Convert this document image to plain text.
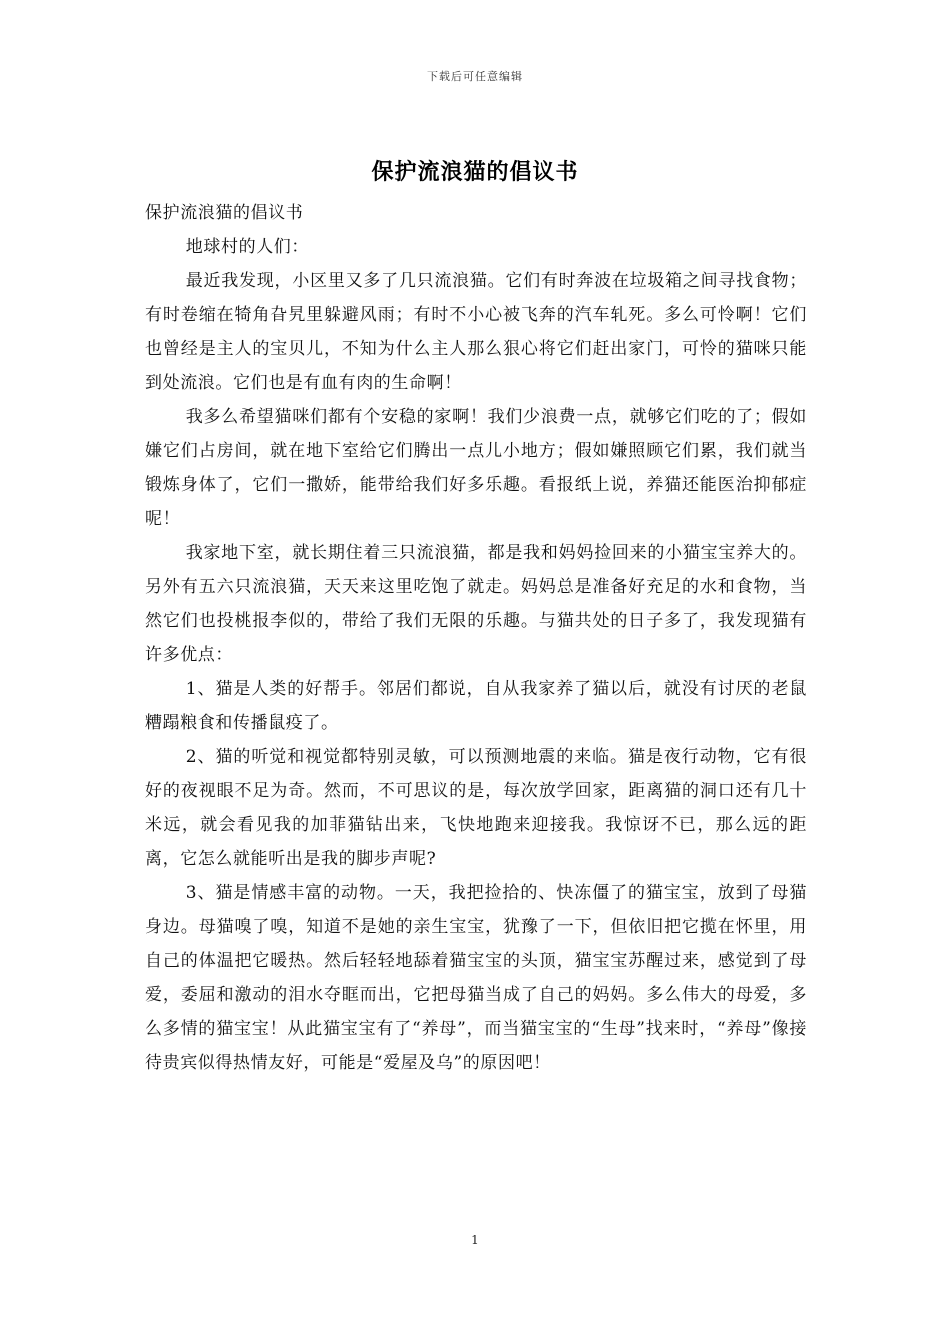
下载后可任意编辑
保护流浪猫的倡议书

保护流浪猫的倡议书

地球村的人们：

最近我发现，小区里又多了几只流浪猫。它们有时奔波在垃圾箱之间寻找食物；有时卷缩在犄角旮旯里躲避风雨；有时不小心被飞奔的汽车轧死。多么可怜啊！它们也曾经是主人的宝贝儿，不知为什么主人那么狠心将它们赶出家门，可怜的猫咪只能到处流浪。它们也是有血有肉的生命啊！

我多么希望猫咪们都有个安稳的家啊！我们少浪费一点，就够它们吃的了；假如嫌它们占房间，就在地下室给它们腾出一点儿小地方；假如嫌照顾它们累，我们就当锻炼身体了，它们一撒娇，能带给我们好多乐趣。看报纸上说，养猫还能医治抑郁症呢！

我家地下室，就长期住着三只流浪猫，都是我和妈妈捡回来的小猫宝宝养大的。另外有五六只流浪猫，天天来这里吃饱了就走。妈妈总是准备好充足的水和食物，当然它们也投桃报李似的，带给了我们无限的乐趣。与猫共处的日子多了，我发现猫有许多优点：

1、猫是人类的好帮手。邻居们都说，自从我家养了猫以后，就没有讨厌的老鼠糟蹋粮食和传播鼠疫了。

2、猫的听觉和视觉都特别灵敏，可以预测地震的来临。猫是夜行动物，它有很好的夜视眼不足为奇。然而，不可思议的是，每次放学回家，距离猫的洞口还有几十米远，就会看见我的加菲猫钻出来，飞快地跑来迎接我。我惊讶不已，那么远的距离，它怎么就能听出是我的脚步声呢?

3、猫是情感丰富的动物。一天，我把捡拾的、快冻僵了的猫宝宝，放到了母猫身边。母猫嗅了嗅，知道不是她的亲生宝宝，犹豫了一下，但依旧把它揽在怀里，用自己的体温把它暖热。然后轻轻地舔着猫宝宝的头顶，猫宝宝苏醒过来，感觉到了母爱，委屈和激动的泪水夺眶而出，它把母猫当成了自己的妈妈。多么伟大的母爱，多么多情的猫宝宝！从此猫宝宝有了“养母”，而当猫宝宝的“生母”找来时，“养母”像接待贵宾似得热情友好，可能是“爱屋及乌”的原因吧！

1
